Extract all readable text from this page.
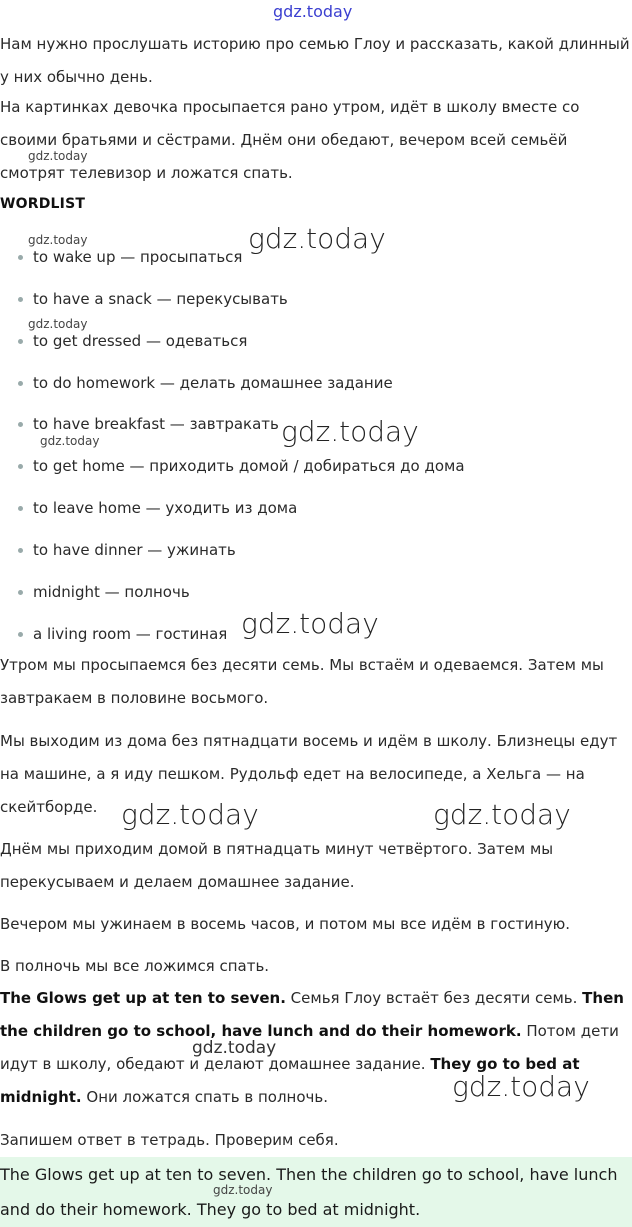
gdz.today

Нам нужно прослушать историю про семью Глоу и рассказать, какой длинный у них обычно день.

На картинках девочка просыпается рано утром, идёт в школу вместе со своими братьями и сёстрами. Днём они обедают, вечером всей семьёй смотрят телевизор и ложатся спать.

gdz.today
WORDLIST
to wake up — просыпаться
to have a snack — перекусывать
to get dressed — одеваться
to do homework — делать домашнее задание
to have breakfast — завтракать
to get home — приходить домой / добираться до дома
to leave home — уходить из дома
to have dinner — ужинать
midnight — полночь
a living room — гостиная
gdz.today	gdz.today
gdz.today
gdz.today	gdz.today
gdz.today

Утром мы просыпаемся без десяти семь. Мы встаём и одеваемся. Затем мы завтракаем в половине восьмого.

Мы выходим из дома без пятнадцати восемь и идём в школу. Близнецы едут на машине, а я иду пешком. Рудольф едет на велосипеде, а Хельга — на скейтборде. gdz.today	gdz.today

Днём мы приходим домой в пятнадцать минут четвёртого. Затем мы перекусываем и делаем домашнее задание.

Вечером мы ужинаем в восемь часов, и потом мы все идём в гостиную.

В полночь мы все ложимся спать.

The Glows get up at ten to seven. Семья Глоу встаёт без десяти семь. Then the children go to school, have lunch and do their homework. Потом дети идут в школу, обедают и делают домашнее задание. They go to bed at midnight. Они ложатся спать в полночь.

gdz.today
gdz.today

Запишем ответ в тетрадь. Проверим себя.

The Glows get up at ten to seven. Then the children go to school, have lunch

and do their homework. They go to bed at midnight.

gdz.today
